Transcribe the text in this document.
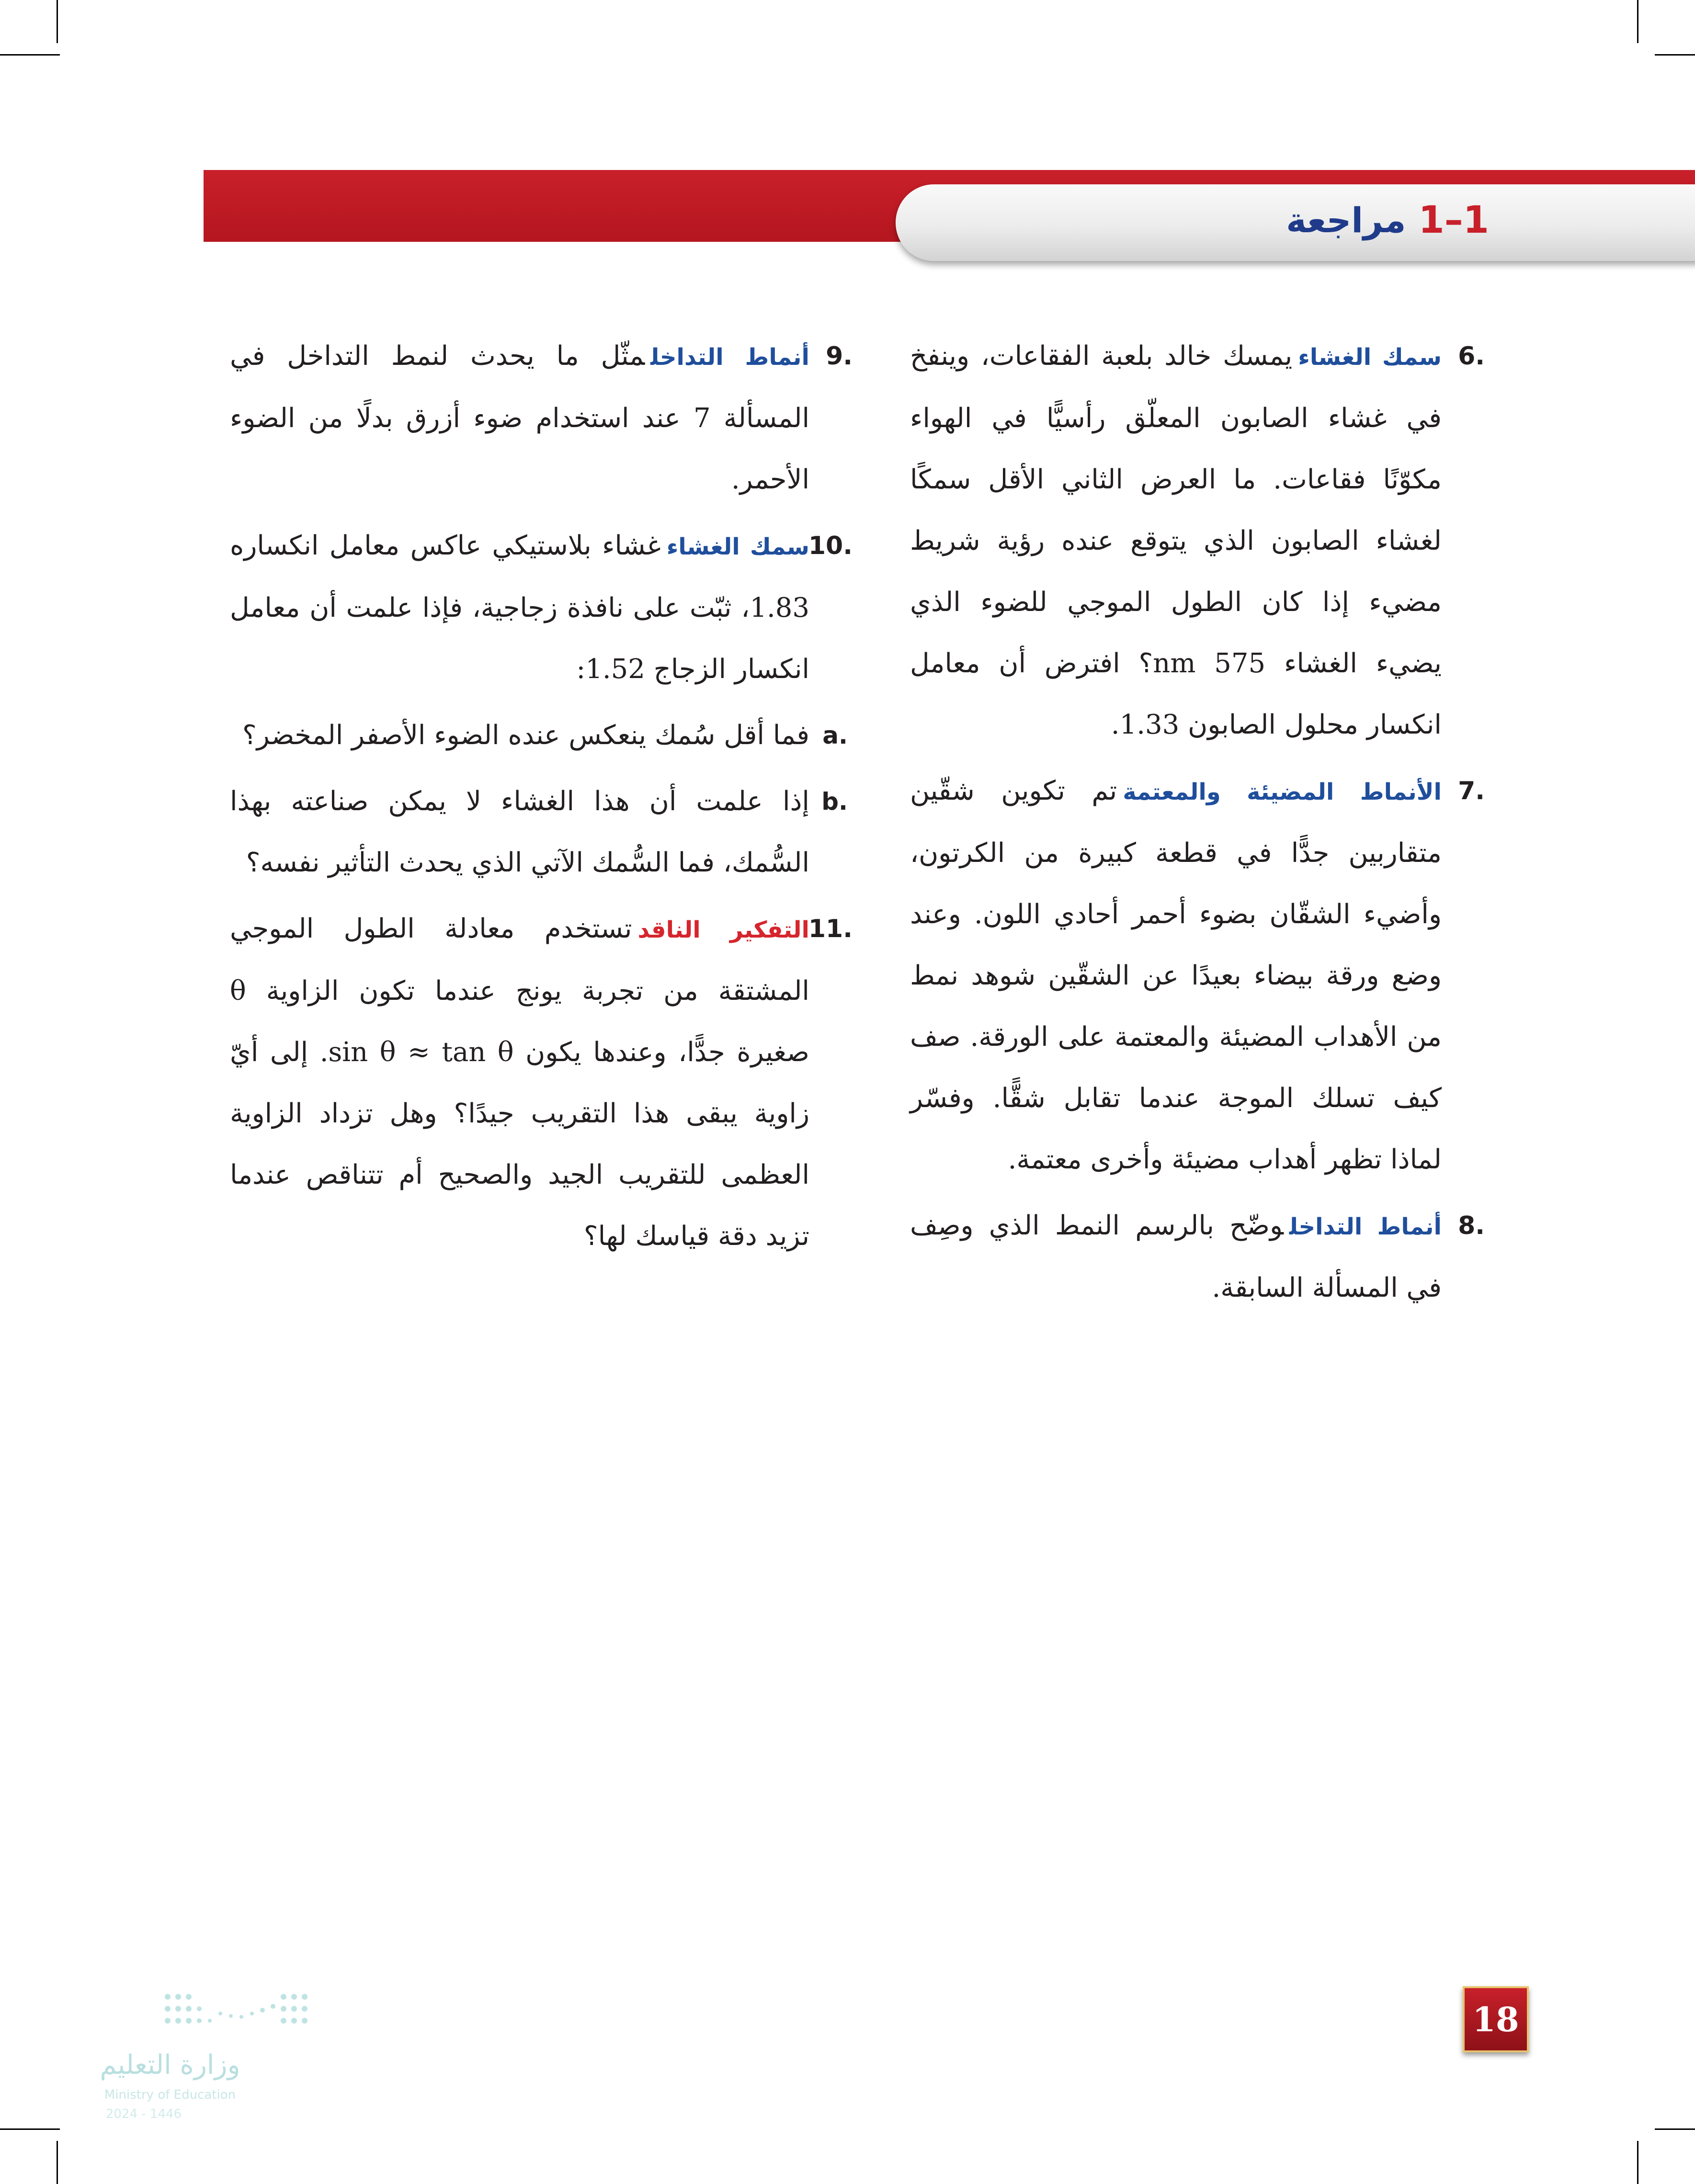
1–1
مراجعة
6.
سمك الغشاءيمسك خالد بلعبة الفقاعات، وينفخ في غشاء الصابون المعلّق رأسيًّا في الهواء مكوّنًا فقاعات. ما العرض الثاني الأقل سمكًا لغشاء الصابون الذي يتوقع عنده رؤية شريط مضيء إذا كان الطول الموجي للضوء الذي يضيء الغشاء 575 nm؟ افترض أن معامل انكسار محلول الصابون 1.33.
7.
الأنماط المضيئة والمعتمةتم تكوين شقّين متقاربين جدًّا في قطعة كبيرة من الكرتون، وأضيء الشقّان بضوء أحمر أحادي اللون. وعند وضع ورقة بيضاء بعيدًا عن الشقّين شوهد نمط من الأهداب المضيئة والمعتمة على الورقة. صف كيف تسلك الموجة عندما تقابل شقًّا. وفسّر لماذا تظهر أهداب مضيئة وأخرى معتمة.
8.
أنماط التداخلوضّح بالرسم النمط الذي وصِف في المسألة السابقة.
9.
أنماط التداخلمثّل ما يحدث لنمط التداخل في المسألة 7 عند استخدام ضوء أزرق بدلًا من الضوء الأحمر.
10.
سمك الغشاءغشاء بلاستيكي عاكس معامل انكساره 1.83، ثبّت على نافذة زجاجية، فإذا علمت أن معامل انكسار الزجاج 1.52:
a.
فما أقل سُمك ينعكس عنده الضوء الأصفر المخضر؟
b.
إذا علمت أن هذا الغشاء لا يمكن صناعته بهذا السُّمك، فما السُّمك الآتي الذي يحدث التأثير نفسه؟
11.
التفكير الناقدتستخدم معادلة الطول الموجي المشتقة من تجربة يونج عندما تكون الزاوية θ صغيرة جدًّا، وعندها يكون sin θ ≈ tan θ. إلى أيّ زاوية يبقى هذا التقريب جيدًا؟ وهل تزداد الزاوية العظمى للتقريب الجيد والصحيح أم تتناقص عندما تزيد دقة قياسك لها؟
18
وزارة التعليم
Ministry of Education
2024 - 1446
